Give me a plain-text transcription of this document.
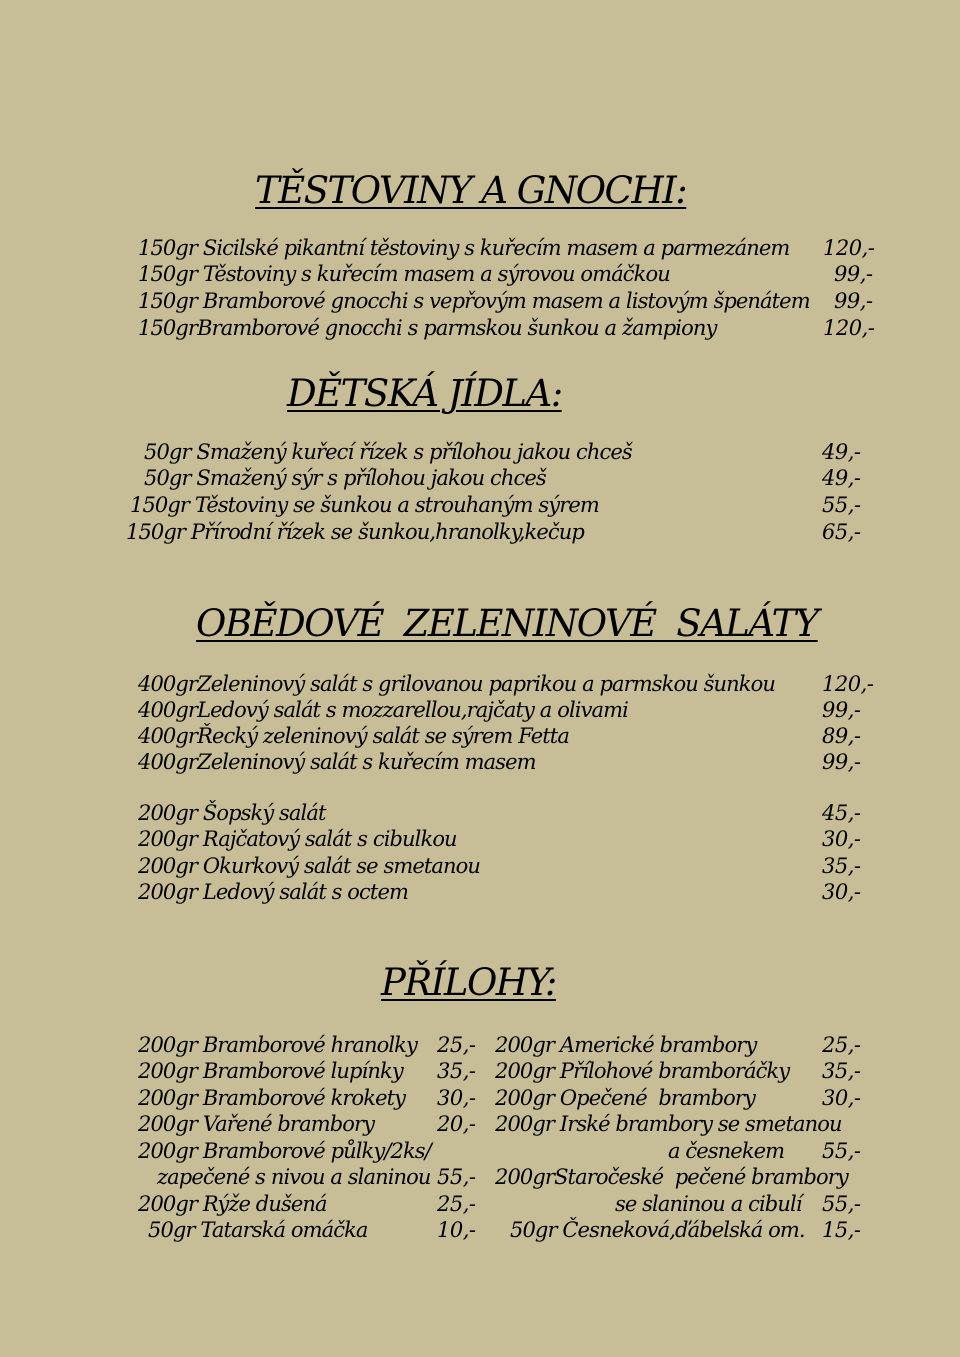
TĚSTOVINY A GNOCHI:
150gr Sicilské pikantní těstoviny s kuřecím masem a parmezánem 120,-
150gr Těstoviny s kuřecím masem a sýrovou omáčkou	99,-
150gr Bramborové gnocchi s vepřovým masem a listovým špenátem 99,-
150grBramborové gnocchi s parmskou šunkou a žampiony	120,-
DĚTSKÁ JÍDLA:
50gr Smažený kuřecí řízek s přílohou jakou chceš	49,-
50gr Smažený sýr s přílohou jakou chceš	49,-
150gr Těstoviny se šunkou a strouhaným sýrem	55,-
150gr Přírodní řízek se šunkou,hranolky,kečup	65,-
OBĚDOVÉ  ZELENINOVÉ  SALÁTY
400grZeleninový salát s grilovanou paprikou a parmskou šunkou 120,-
400grLedový salát s mozzarellou,rajčaty a olivami	99,-
400grŘecký zeleninový salát se sýrem Fetta	89,-
400grZeleninový salát s kuřecím masem	99,-
200gr Šopský salát	45,-
200gr Rajčatový salát s cibulkou	30,-
200gr Okurkový salát se smetanou	35,-
200gr Ledový salát s octem	30,-
PŘÍLOHY:
200gr Bramborové hranolky 25,-
200gr Bramborové lupínky 35,-
200gr Bramborové krokety 30,-
200gr Vařené brambory	20,-
200gr Bramborové půlky/2ks/
zapečené s nivou a slaninou 55,-
200gr Rýže dušená	25,-
50gr Tatarská omáčka	10,-
200gr Americké brambory	25,-
200gr Přílohové bramboráčky 35,-
200gr Opečené  brambory	30,-
200gr Irské brambory se smetanou
a česnekem 55,-
200grStaročeské  pečené brambory
se slaninou a cibulí 55,-
50gr Česneková,ďábelská om. 15,-
